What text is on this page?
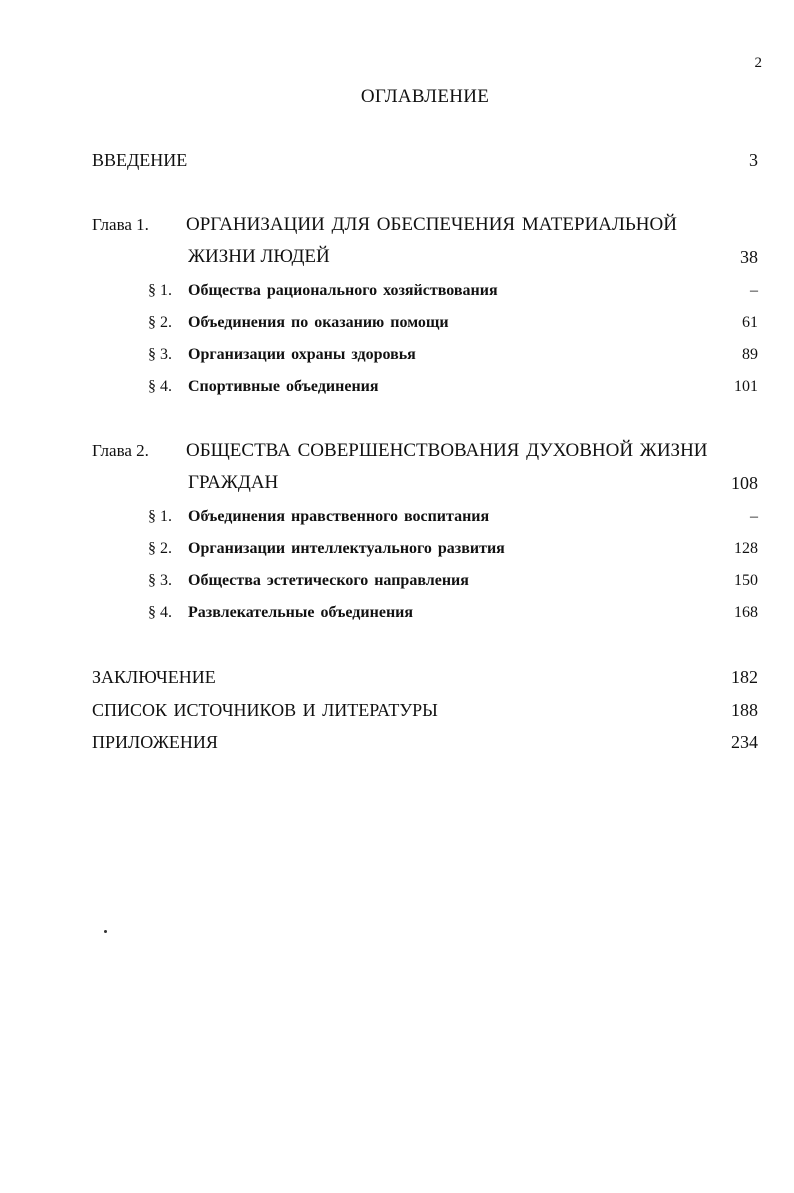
2
ОГЛАВЛЕНИЕ
ВВЕДЕНИЕ	3
Глава 1. ОРГАНИЗАЦИИ ДЛЯ ОБЕСПЕЧЕНИЯ МАТЕРИАЛЬНОЙ
ЖИЗНИ ЛЮДЕЙ	38
§ 1. Общества рационального хозяйствования	–
§ 2. Объединения по оказанию помощи	61
§ 3. Организации охраны здоровья	89
§ 4. Спортивные объединения	101
Глава 2. ОБЩЕСТВА СОВЕРШЕНСТВОВАНИЯ ДУХОВНОЙ ЖИЗНИ
ГРАЖДАН	108
§ 1. Объединения нравственного воспитания	–
§ 2. Организации интеллектуального развития	128
§ 3. Общества эстетического направления	150
§ 4. Развлекательные объединения	168
ЗАКЛЮЧЕНИЕ	182
СПИСОК ИСТОЧНИКОВ И ЛИТЕРАТУРЫ	188
ПРИЛОЖЕНИЯ	234
